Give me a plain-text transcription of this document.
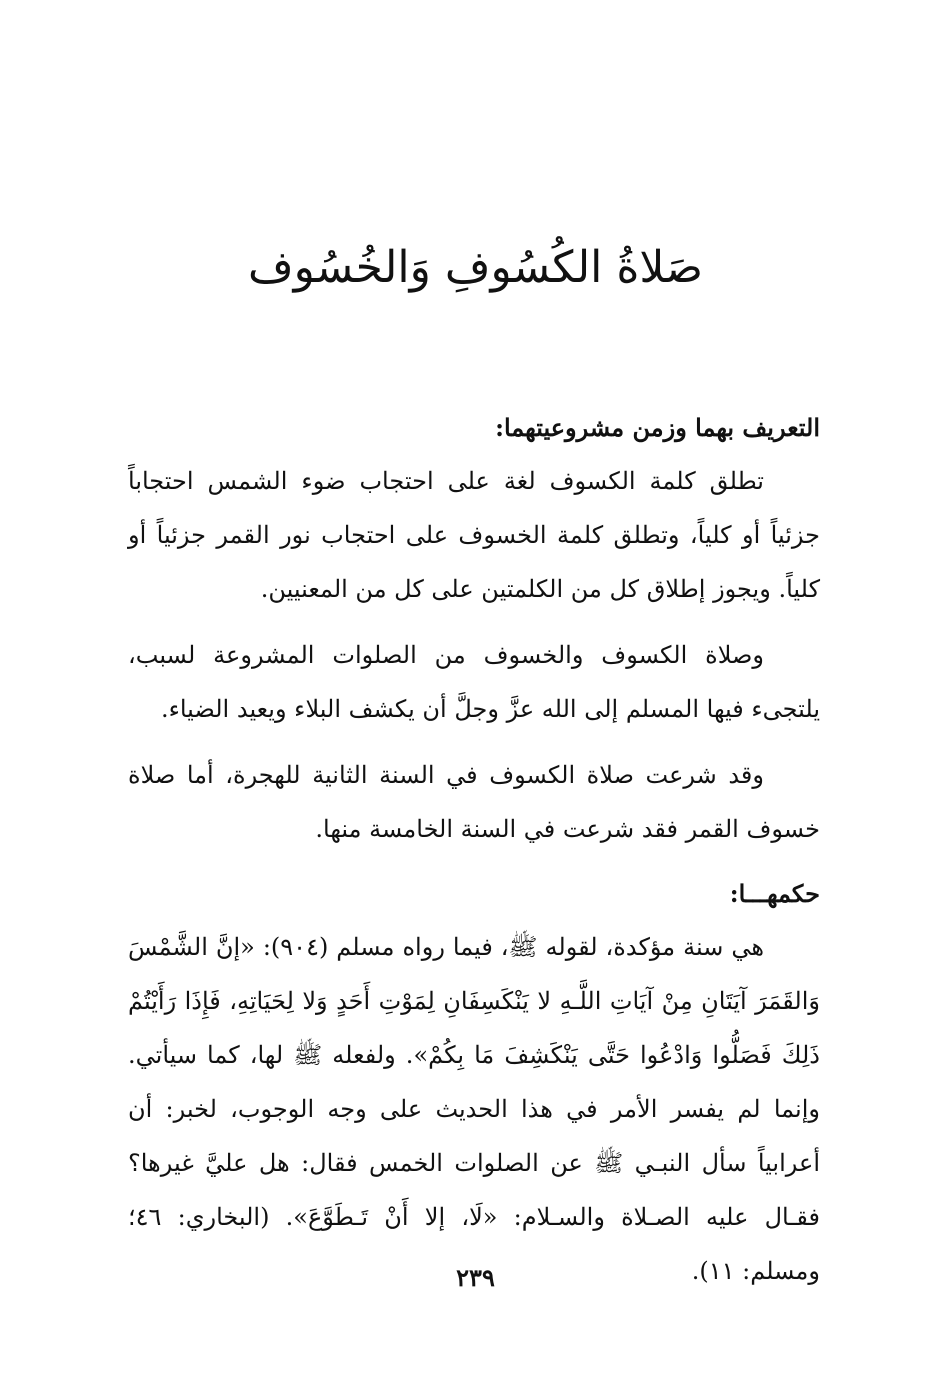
صَلاةُ الكُسُوفِ وَالخُسُوف
التعريف بهما وزمن مشروعيتهما:

تطلق كلمة الكسوف لغة على احتجاب ضوء الشمس احتجاباً جزئياً أو كلياً، وتطلق كلمة الخسوف على احتجاب نور القمر جزئياً أو كلياً. ويجوز إطلاق كل من الكلمتين على كل من المعنيين.

وصلاة الكسوف والخسوف من الصلوات المشروعة لسبب، يلتجىء فيها المسلم إلى الله عزَّ وجلَّ أن يكشف البلاء ويعيد الضياء.

وقد شرعت صلاة الكسوف في السنة الثانية للهجرة، أما صلاة خسوف القمر فقد شرعت في السنة الخامسة منها.

حكمهـــا:

هي سنة مؤكدة، لقوله ﷺ، فيما رواه مسلم (٩٠٤): «إنَّ الشَّمْسَ وَالقَمَرَ آيَتَانِ مِنْ آيَاتِ اللَّـهِ لا يَنْكَسِفَانِ لِمَوْتِ أَحَدٍ وَلا لِحَيَاتِهِ، فَإِذَا رَأَيْتُمْ ذَلِكَ فَصَلُّوا وَادْعُوا حَتَّى يَنْكَشِفَ مَا بِكُمْ». ولفعله ﷺ لها، كما سيأتي. وإنما لم يفسر الأمر في هذا الحديث على وجه الوجوب، لخبر: أن أعرابياً سأل النبـي ﷺ عن الصلوات الخمس فقال: هل عليَّ غيرها؟ فقـال عليه الصـلاة والسـلام: «لَا، إلا أَنْ تَـطَوَّعَ». (البخاري: ٤٦؛ ومسلم: ١١).

٢٣٩
